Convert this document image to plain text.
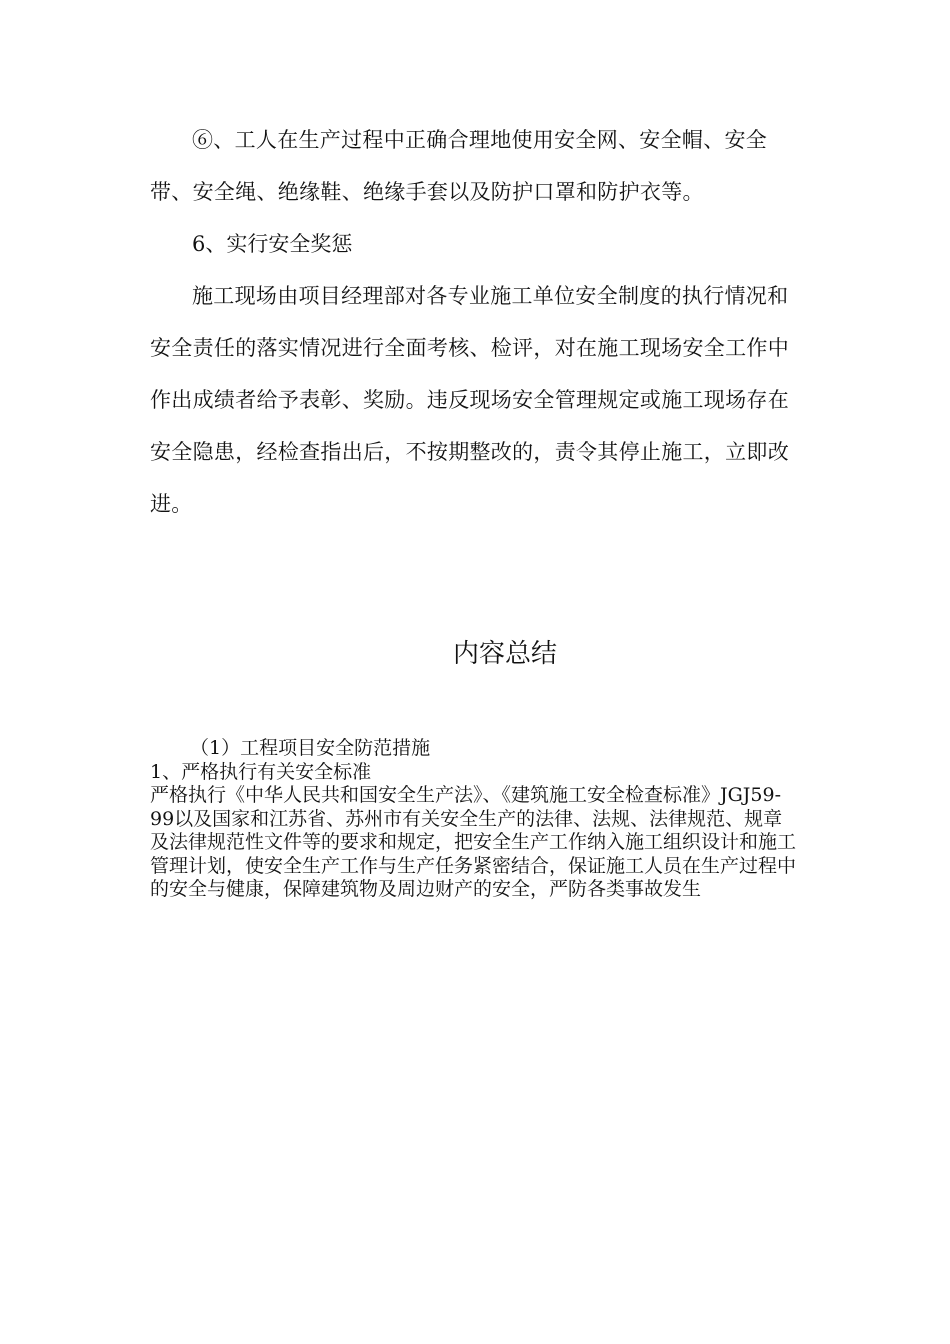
⑥、工人在生产过程中正确合理地使用安全网、安全帽、安全带、安全绳、绝缘鞋、绝缘手套以及防护口罩和防护衣等。

6、实行安全奖惩

施工现场由项目经理部对各专业施工单位安全制度的执行情况和安全责任的落实情况进行全面考核、检评，对在施工现场安全工作中作出成绩者给予表彰、奖励。违反现场安全管理规定或施工现场存在安全隐患，经检查指出后，不按期整改的，责令其停止施工，立即改进。

内容总结

（1）工程项目安全防范措施

1、严格执行有关安全标准

严格执行《中华人民共和国安全生产法》、《建筑施工安全检查标准》JGJ59-99以及国家和江苏省、苏州市有关安全生产的法律、法规、法律规范、规章及法律规范性文件等的要求和规定，把安全生产工作纳入施工组织设计和施工管理计划，使安全生产工作与生产任务紧密结合，保证施工人员在生产过程中的安全与健康，保障建筑物及周边财产的安全，严防各类事故发生
